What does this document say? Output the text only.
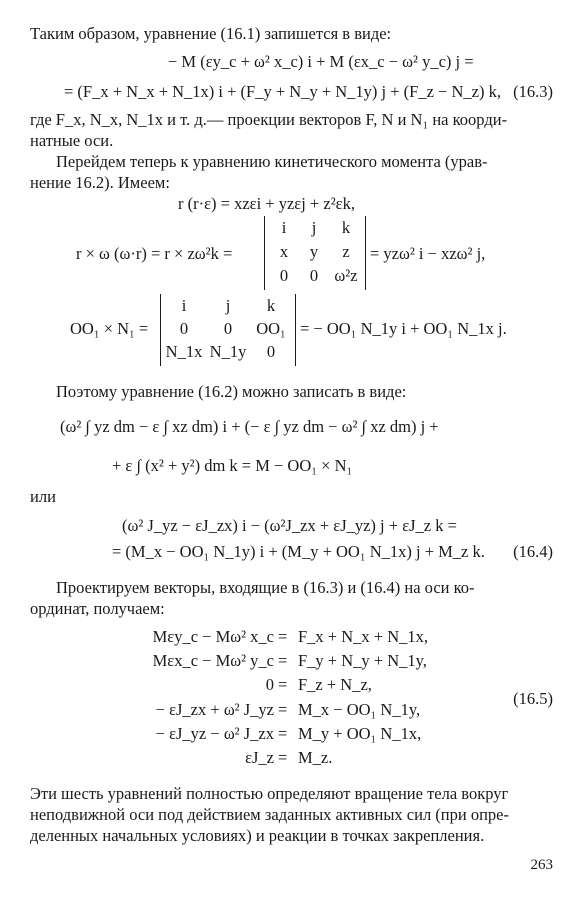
Таким образом, уравнение (16.1) запишется в виде:
− M (εy_c + ω² x_c) i + M (εx_c − ω² y_c) j =
= (F_x + N_x + N_1x) i + (F_y + N_y + N_1y) j + (F_z − N_z) k, (16.3)
где F_x, N_x, N_1x и т. д.— проекции векторов F, N и N₁ на коорди-
натные оси.
Перейдем теперь к уравнению кинетического момента (урав-
нение 16.2). Имеем:
r (r·ε) = xzεi + yzεj + z²εk,
r × ω (ω·r) = r × zω²k =
i	j	k
x	y	z
0	0 ω²z
= yzω² i − xzω² j,
OO₁ × N₁ =
i	j	k
0	0	OO₁
N_1x N_1y	0
= − OO₁ N_1y i + OO₁ N_1x j.
Поэтому уравнение (16.2) можно записать в виде:
(ω² ∫ yz dm − ε ∫ xz dm) i + (− ε ∫ yz dm − ω² ∫ xz dm) j +
+ ε ∫ (x² + y²) dm k = M − OO₁ × N₁
или
(ω² J_yz − εJ_zx) i − (ω²J_zx + εJ_yz) j + εJ_z k =
= (M_x − OO₁ N_1y) i + (M_y + OO₁ N_1x) j + M_z k. (16.4)
Проектируем векторы, входящие в (16.3) и (16.4) на оси ко-
ординат, получаем:
Mεy_c − Mω² x_c = F_x + N_x + N_1x,
Mεx_c − Mω² y_c = F_y + N_y + N_1y,
0 = F_z + N_z,
− εJ_zx + ω² J_yz = M_x − OO₁ N_1y,
− εJ_yz − ω² J_zx = M_y + OO₁ N_1x,
εJ_z = M_z.
(16.5)
Эти шесть уравнений полностью определяют вращение тела вокруг
неподвижной оси под действием заданных активных сил (при опре-
деленных начальных условиях) и реакции в точках закрепления.
263
